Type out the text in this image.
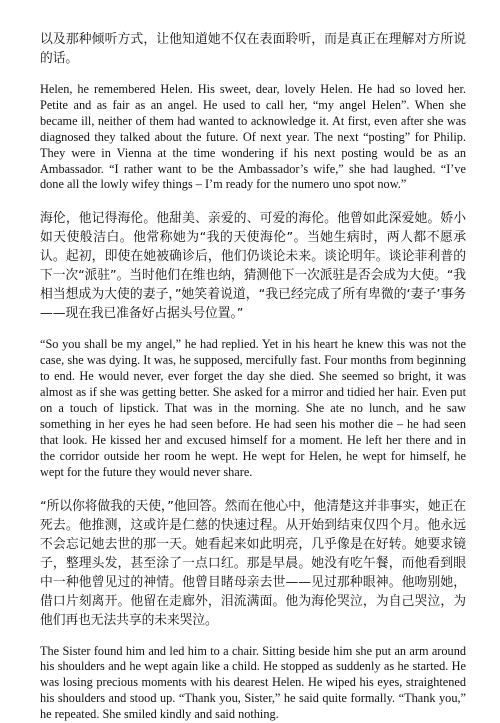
以及那种倾听方式，让他知道她不仅在表面聆听，而是真正在理解对方所说的话。

Helen, he remembered Helen. His sweet, dear, lovely Helen. He had so loved her. Petite and as fair as an angel. He used to call her, “my angel Helen”. When she became ill, neither of them had wanted to acknowledge it. At first, even after she was diagnosed they talked about the future. Of next year. The next “posting” for Philip. They were in Vienna at the time wondering if his next posting would be as an Ambassador. “I rather want to be the Ambassador’s wife,” she had laughed. “I’ve done all the lowly wifey things – I’m ready for the numero uno spot now.”

海伦，他记得海伦。他甜美、亲爱的、可爱的海伦。他曾如此深爱她。娇小如天使般洁白。他常称她为“我的天使海伦”。当她生病时，两人都不愿承认。起初，即使在她被确诊后，他们仍谈论未来。谈论明年。谈论菲利普的下一次“派驻”。当时他们在维也纳，猜测他下一次派驻是否会成为大使。“我相当想成为大使的妻子，”她笑着说道，“我已经完成了所有卑微的‘妻子’事务——现在我已准备好占据头号位置。”

“So you shall be my angel,” he had replied. Yet in his heart he knew this was not the case, she was dying. It was, he supposed, mercifully fast. Four months from beginning to end. He would never, ever forget the day she died. She seemed so bright, it was almost as if she was getting better. She asked for a mirror and tidied her hair. Even put on a touch of lipstick. That was in the morning. She ate no lunch, and he saw something in her eyes he had seen before. He had seen his mother die – he had seen that look. He kissed her and excused himself for a moment. He left her there and in the corridor outside her room he wept. He wept for Helen, he wept for himself, he wept for the future they would never share.

“所以你将做我的天使，”他回答。然而在他心中，他清楚这并非事实，她正在死去。他推测，这或许是仁慈的快速过程。从开始到结束仅四个月。他永远不会忘记她去世的那一天。她看起来如此明亮，几乎像是在好转。她要求镜子，整理头发，甚至涂了一点口红。那是早晨。她没有吃午餐，而他看到眼中一种他曾见过的神情。他曾目睹母亲去世——见过那种眼神。他吻别她，借口片刻离开。他留在走廊外，泪流满面。他为海伦哭泣，为自己哭泣，为他们再也无法共享的未来哭泣。

The Sister found him and led him to a chair. Sitting beside him she put an arm around his shoulders and he wept again like a child. He stopped as suddenly as he started. He was losing precious moments with his dearest Helen. He wiped his eyes, straightened his shoulders and stood up. “Thank you, Sister,” he said quite formally. “Thank you,” he repeated. She smiled kindly and said nothing.
